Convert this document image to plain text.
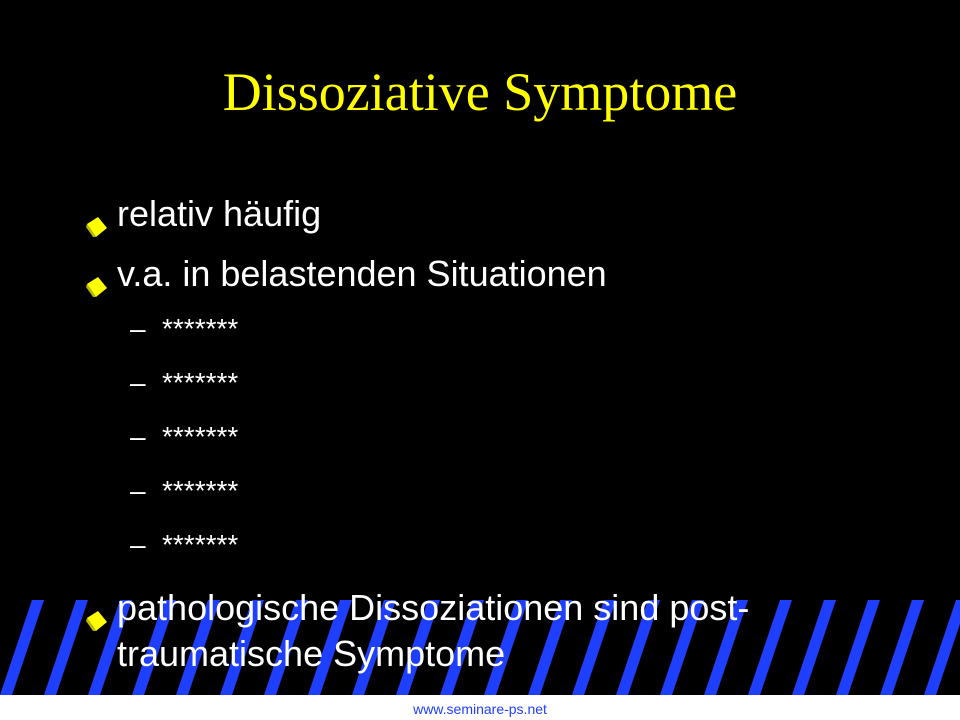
www.seminare-ps.net
Dissoziative Symptome
relativ häufig
v.a. in belastenden Situationen
– *******
– *******
– *******
– *******
– *******
pathologische Dissoziationen sind post-traumatische Symptome
